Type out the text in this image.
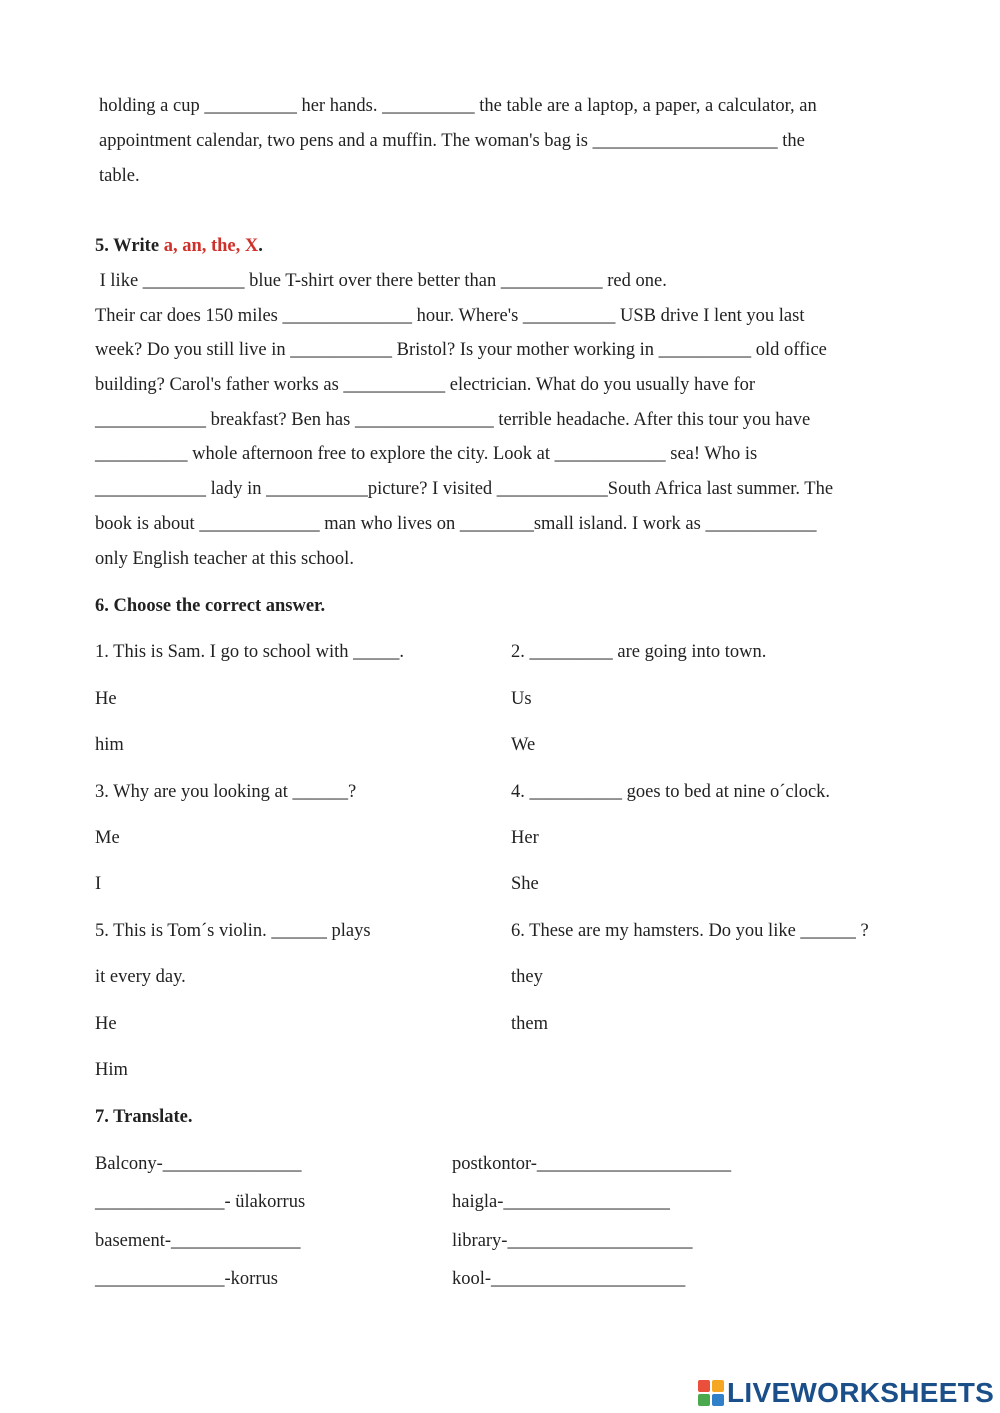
holding a cup __________ her hands. __________ the table are a laptop, a paper, a calculator, an
appointment calendar, two pens and a muffin. The woman's bag is ____________________ the
table.
5. Write a, an, the, X.
I like ___________ blue T-shirt over there better than ___________ red one.
Their car does 150 miles ______________ hour. Where's __________ USB drive I lent you last
week? Do you still live in ___________ Bristol? Is your mother working in __________ old office
building? Carol's father works as ___________ electrician. What do you usually have for
____________ breakfast? Ben has _______________ terrible headache. After this tour you have
__________ whole afternoon free to explore the city. Look at ____________ sea! Who is
____________ lady in ___________picture? I visited ____________South Africa last summer. The
book is about _____________ man who lives on ________small island. I work as ____________
only English teacher at this school.
6. Choose the correct answer.
1. This is Sam. I go to school with _____.
He
him
3. Why are you looking at ______?
Me
I
5. This is Tom´s violin. ______ plays
it every day.
He
Him
2. _________ are going into town.
Us
We
4. __________ goes to bed at nine o´clock.
Her
She
6. These are my hamsters. Do you like ______ ?
they
them
7. Translate.
Balcony-_______________
______________- ülakorrus
basement-______________
______________-korrus
postkontor-_____________________
haigla-__________________
library-____________________
kool-_____________________
LIVEWORKSHEETS
